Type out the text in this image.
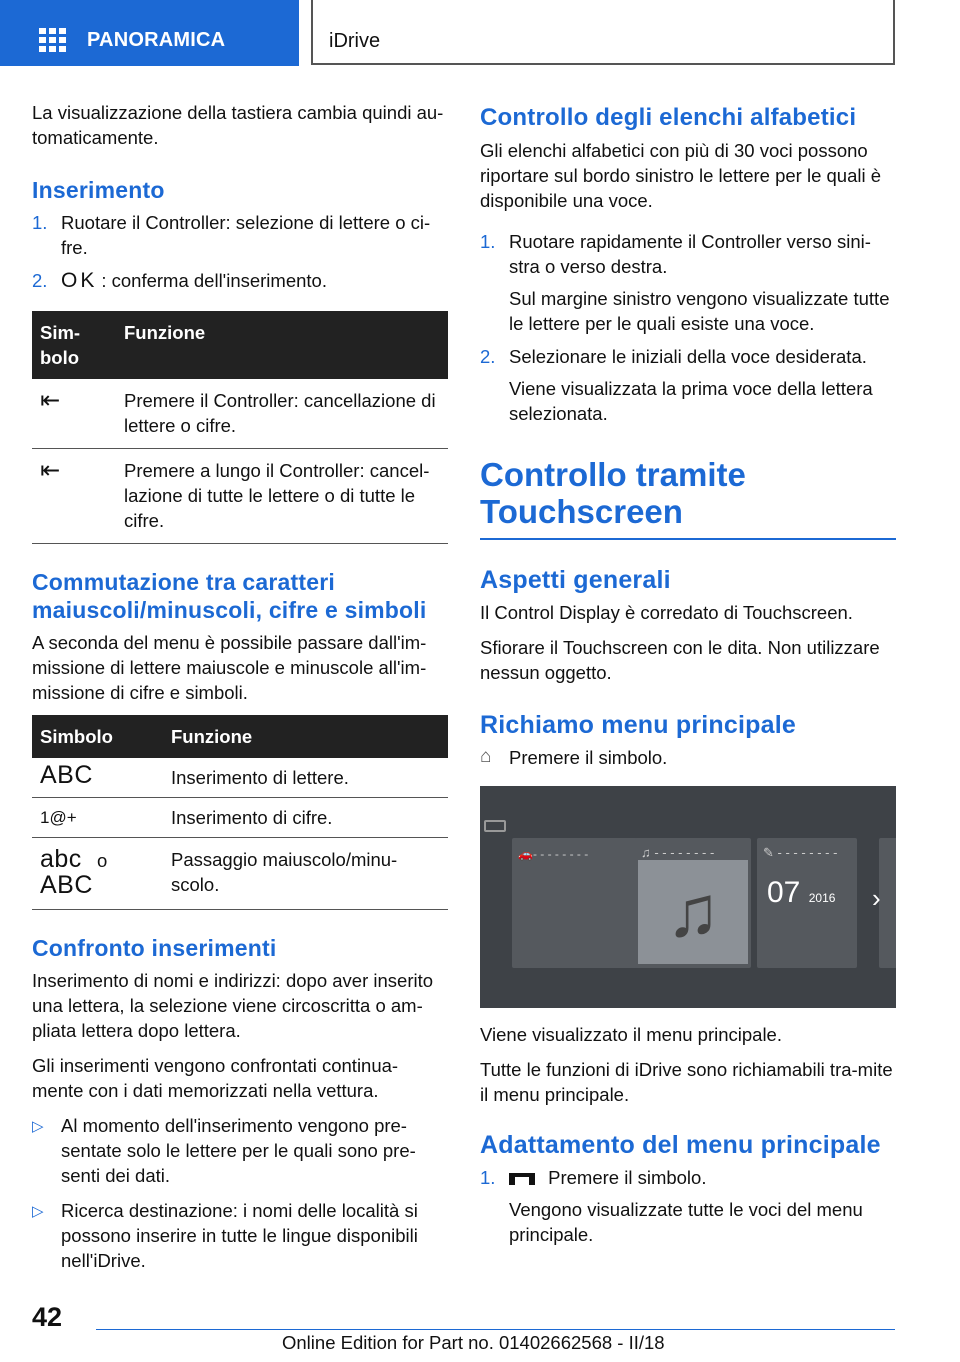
PANORAMICA	iDrive

La visualizzazione della tastiera cambia quindi au-tomaticamente.

Inserimento
1. Ruotare il Controller: selezione di lettere o ci-fre.
2. OK : conferma dell'inserimento.
Sim-bolo	Funzione
⇤	Premere il Controller: cancellazione di lettere o cifre.
⇤	Premere a lungo il Controller: cancel-lazione di tutte le lettere o di tutte le cifre.
Commutazione tra caratteri maiuscoli/minuscoli, cifre e simboli

A seconda del menu è possibile passare dall'im-missione di lettere maiuscole e minuscole all'im-missione di cifre e simboli.

Simbolo	Funzione
ABC	Inserimento di lettere.
1@+	Inserimento di cifre.
abc o
ABC	Passaggio maiuscolo/minu-scolo.
Confronto inserimenti

Inserimento di nomi e indirizzi: dopo aver inserito una lettera, la selezione viene circoscritta o am-pliata lettera dopo lettera.

Gli inserimenti vengono confrontati continua-mente con i dati memorizzati nella vettura.

▷ Al momento dell'inserimento vengono pre-sentate solo le lettere per le quali sono pre-senti dei dati.
▷ Ricerca destinazione: i nomi delle località si possono inserire in tutte le lingue disponibili nell'iDrive.
Controllo degli elenchi alfabetici

Gli elenchi alfabetici con più di 30 voci possono riportare sul bordo sinistro le lettere per le quali è disponibile una voce.

1. Ruotare rapidamente il Controller verso sini-stra o verso destra.
Sul margine sinistro vengono visualizzate tutte le lettere per le quali esiste una voce.
2. Selezionare le iniziali della voce desiderata.
Viene visualizzata la prima voce della lettera selezionata.
Controllo tramite Touchscreen
Aspetti generali

Il Control Display è corredato di Touchscreen.

Sfiorare il Touchscreen con le dita. Non utilizzare nessun oggetto.

Richiamo menu principale
⌂ Premere il simbolo.
🚗- - - - - - - -	♫ - - - - - - - -	✎ - - - - - - - -
♫	07 2016 ›

Viene visualizzato il menu principale.

Tutte le funzioni di iDrive sono richiamabili tra-mite il menu principale.

Adattamento del menu principale
1.	Premere il simbolo.
Vengono visualizzate tutte le voci del menu principale.
42
Online Edition for Part no. 01402662568 - II/18
